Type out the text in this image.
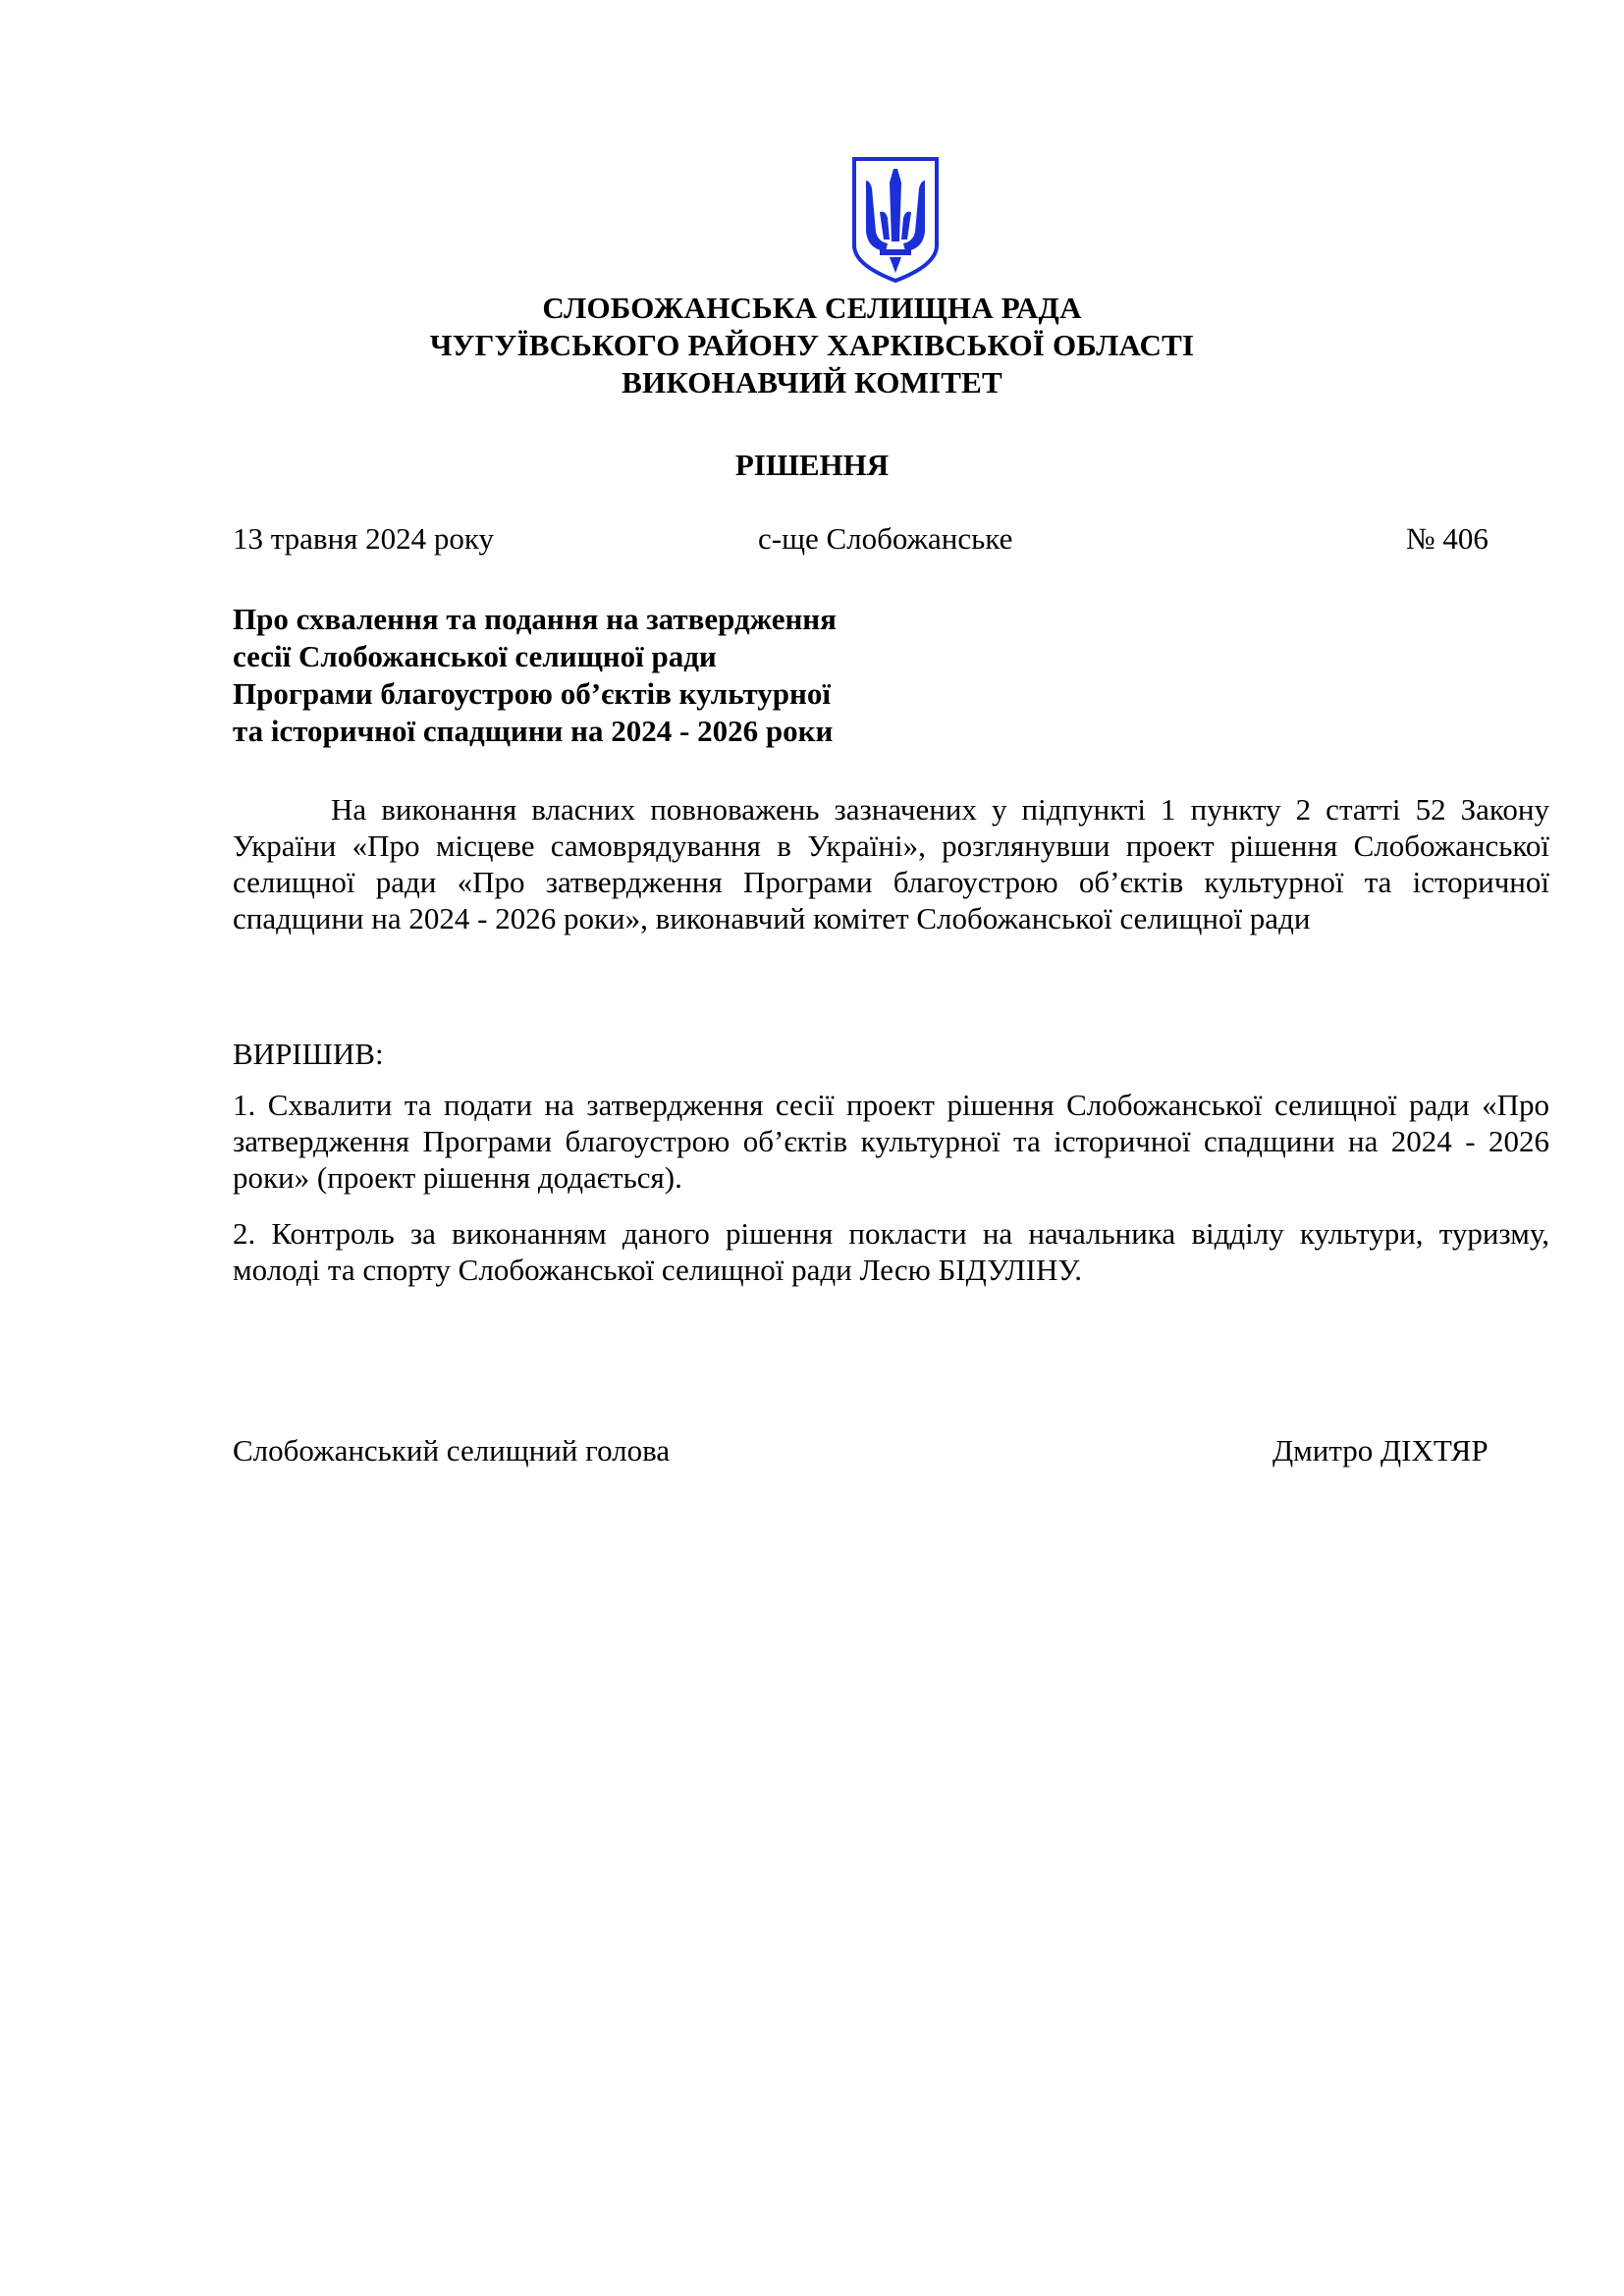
СЛОБОЖАНСЬКА СЕЛИЩНА РАДА
ЧУГУЇВСЬКОГО РАЙОНУ ХАРКІВСЬКОЇ ОБЛАСТІ
ВИКОНАВЧИЙ КОМІТЕТ
РІШЕННЯ
13 травня 2024 року	с-ще Слобожанське	№ 406
Про схвалення та подання на затвердження
сесії Слобожанської селищної ради
Програми благоустрою об’єктів культурної
та історичної спадщини на 2024 - 2026 роки
На виконання власних повноважень зазначених у підпункті 1 пункту 2 статті 52 Закону України «Про місцеве самоврядування в Україні», розглянувши проект рішення Слобожанської селищної ради «Про затвердження Програми благоустрою об’єктів культурної та історичної спадщини на 2024 - 2026 роки», виконавчий комітет Слобожанської селищної ради
ВИРІШИВ:
1. Схвалити та подати на затвердження сесії проект рішення Слобожанської селищної ради «Про затвердження Програми благоустрою об’єктів культурної та історичної спадщини на 2024 - 2026 роки» (проект рішення додається).
2. Контроль за виконанням даного рішення покласти на начальника відділу культури, туризму, молоді та спорту Слобожанської селищної ради Лесю БІДУЛІНУ.
Слобожанський селищний голова	Дмитро ДІХТЯР
